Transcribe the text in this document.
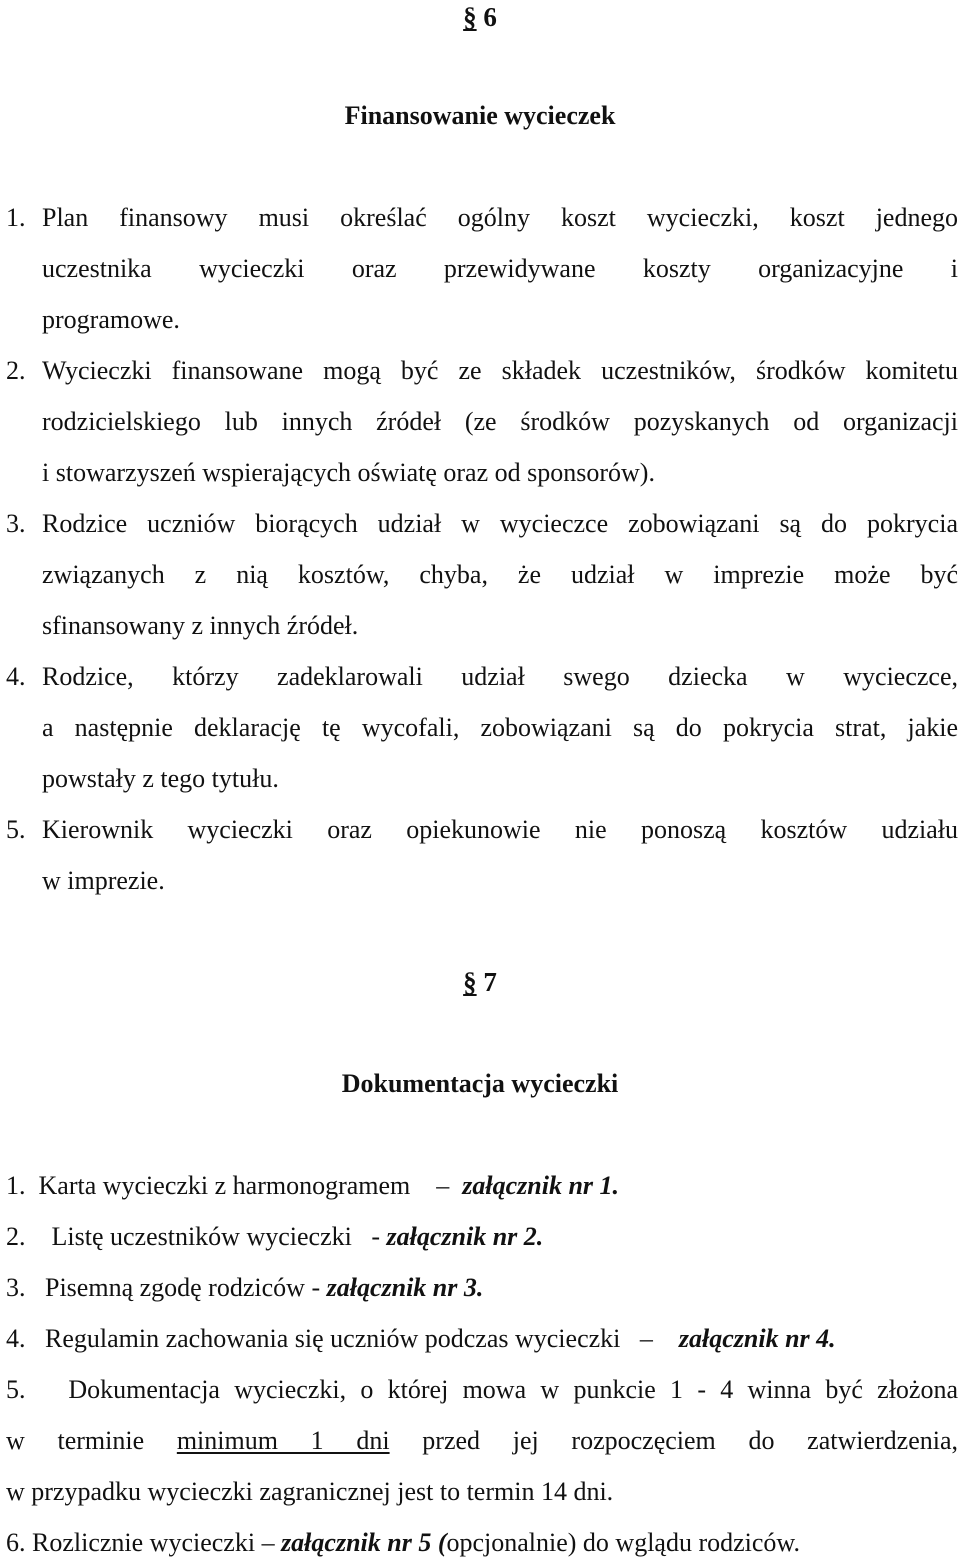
§ 6
Finansowanie wycieczek
1. Plan finansowy musi określać ogólny koszt wycieczki, koszt jednego
uczestnika wycieczki oraz przewidywane koszty organizacyjne i
programowe.
2. Wycieczki finansowane mogą być ze składek uczestników, środków komitetu
rodzicielskiego lub innych źródeł (ze środków pozyskanych od organizacji
i stowarzyszeń wspierających oświatę oraz od sponsorów).
3. Rodzice uczniów biorących udział w wycieczce zobowiązani są do pokrycia
związanych z nią kosztów, chyba, że udział w imprezie może być
sfinansowany z innych źródeł.
4. Rodzice, którzy zadeklarowali udział swego dziecka w wycieczce,
a następnie deklarację tę wycofali, zobowiązani są do pokrycia strat, jakie
powstały z tego tytułu.
5. Kierownik wycieczki oraz opiekunowie nie ponoszą kosztów udziału
w imprezie.
§ 7
Dokumentacja wycieczki
1. Karta wycieczki z harmonogramem – załącznik nr 1.
2. Listę uczestników wycieczki - załącznik nr 2.
3. Pisemną zgodę rodziców - załącznik nr 3.
4. Regulamin zachowania się uczniów podczas wycieczki – załącznik nr 4.
5. Dokumentacja wycieczki, o której mowa w punkcie 1 - 4 winna być złożona
w terminie minimum 1 dni przed jej rozpoczęciem do zatwierdzenia,
w przypadku wycieczki zagranicznej jest to termin 14 dni.
6. Rozlicznie wycieczki – załącznik nr 5 (opcjonalnie) do wglądu rodziców.
